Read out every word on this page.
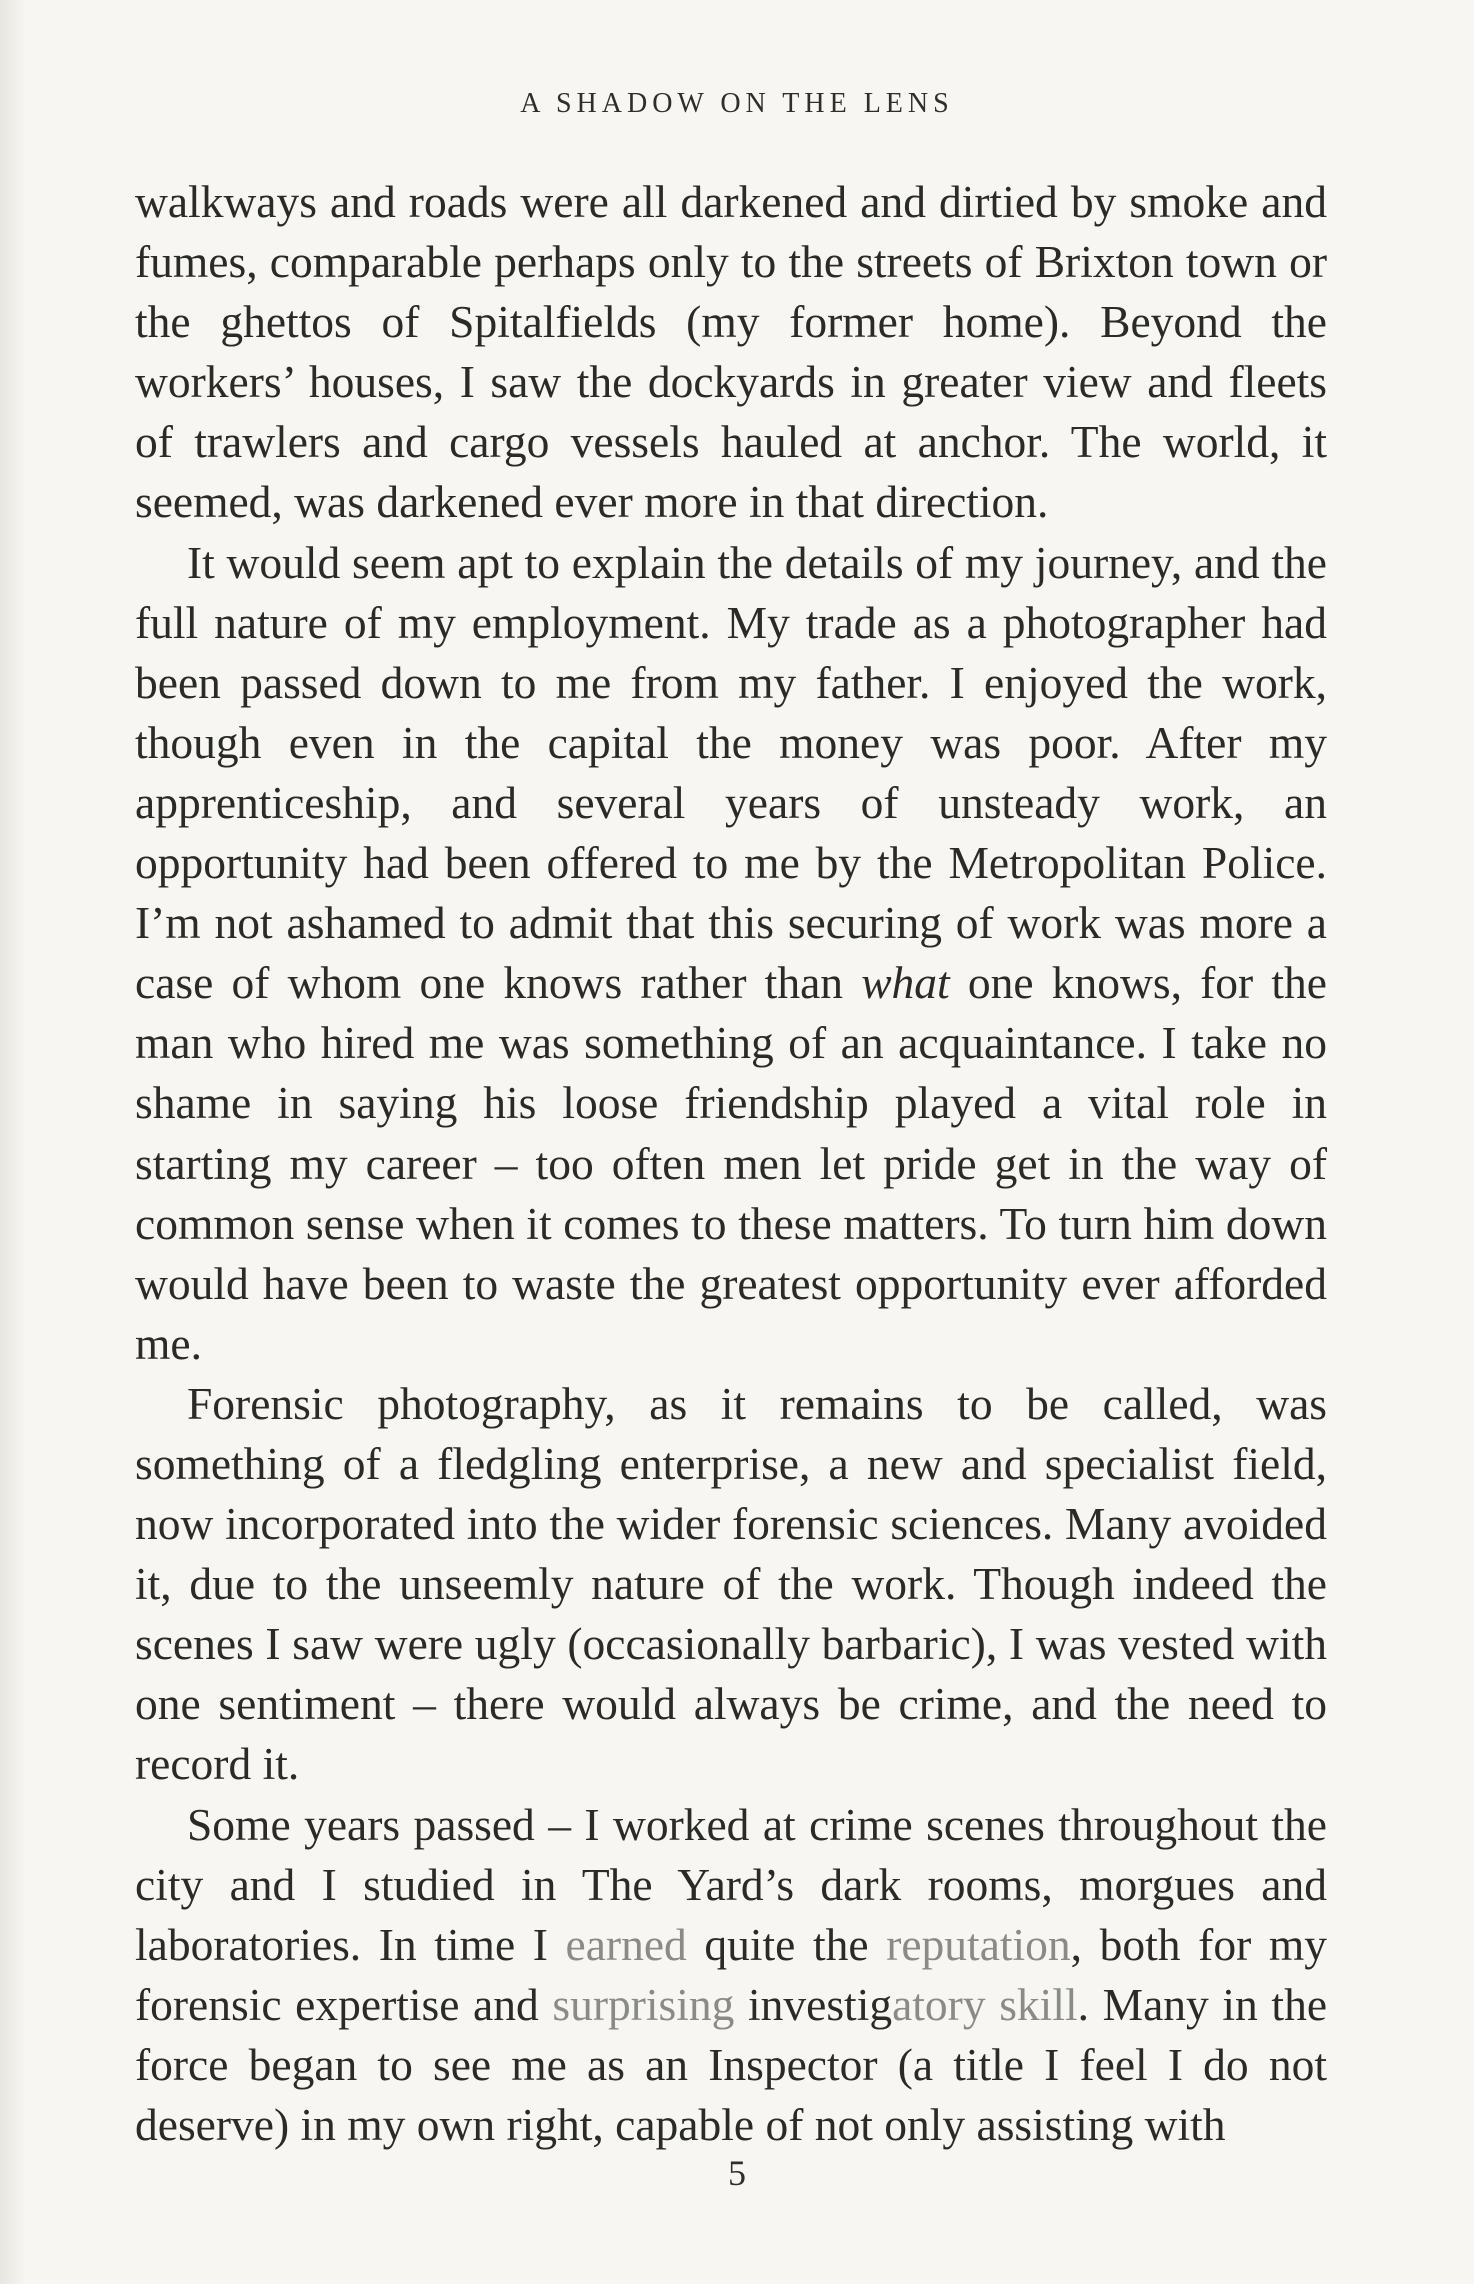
A SHADOW ON THE LENS

walkways and roads were all darkened and dirtied by smoke and fumes, comparable perhaps only to the streets of Brixton town or the ghettos of Spitalfields (my former home). Beyond the workers’ houses, I saw the dockyards in greater view and fleets of trawlers and cargo vessels hauled at anchor. The world, it seemed, was darkened ever more in that direction.

It would seem apt to explain the details of my journey, and the full nature of my employment. My trade as a photographer had been passed down to me from my father. I enjoyed the work, though even in the capital the money was poor. After my apprenticeship, and several years of unsteady work, an opportunity had been offered to me by the Metropolitan Police. I’m not ashamed to admit that this securing of work was more a case of whom one knows rather than what one knows, for the man who hired me was something of an acquaintance. I take no shame in saying his loose friendship played a vital role in starting my career – too often men let pride get in the way of common sense when it comes to these matters. To turn him down would have been to waste the greatest opportunity ever afforded me.

Forensic photography, as it remains to be called, was something of a fledgling enterprise, a new and specialist field, now incorporated into the wider forensic sciences. Many avoided it, due to the unseemly nature of the work. Though indeed the scenes I saw were ugly (occasionally barbaric), I was vested with one sentiment – there would always be crime, and the need to record it.

Some years passed – I worked at crime scenes throughout the city and I studied in The Yard’s dark rooms, morgues and laboratories. In time I earned quite the reputation, both for my forensic expertise and surprising investigatory skill. Many in the force began to see me as an Inspector (a title I feel I do not deserve) in my own right, capable of not only assisting with

5
